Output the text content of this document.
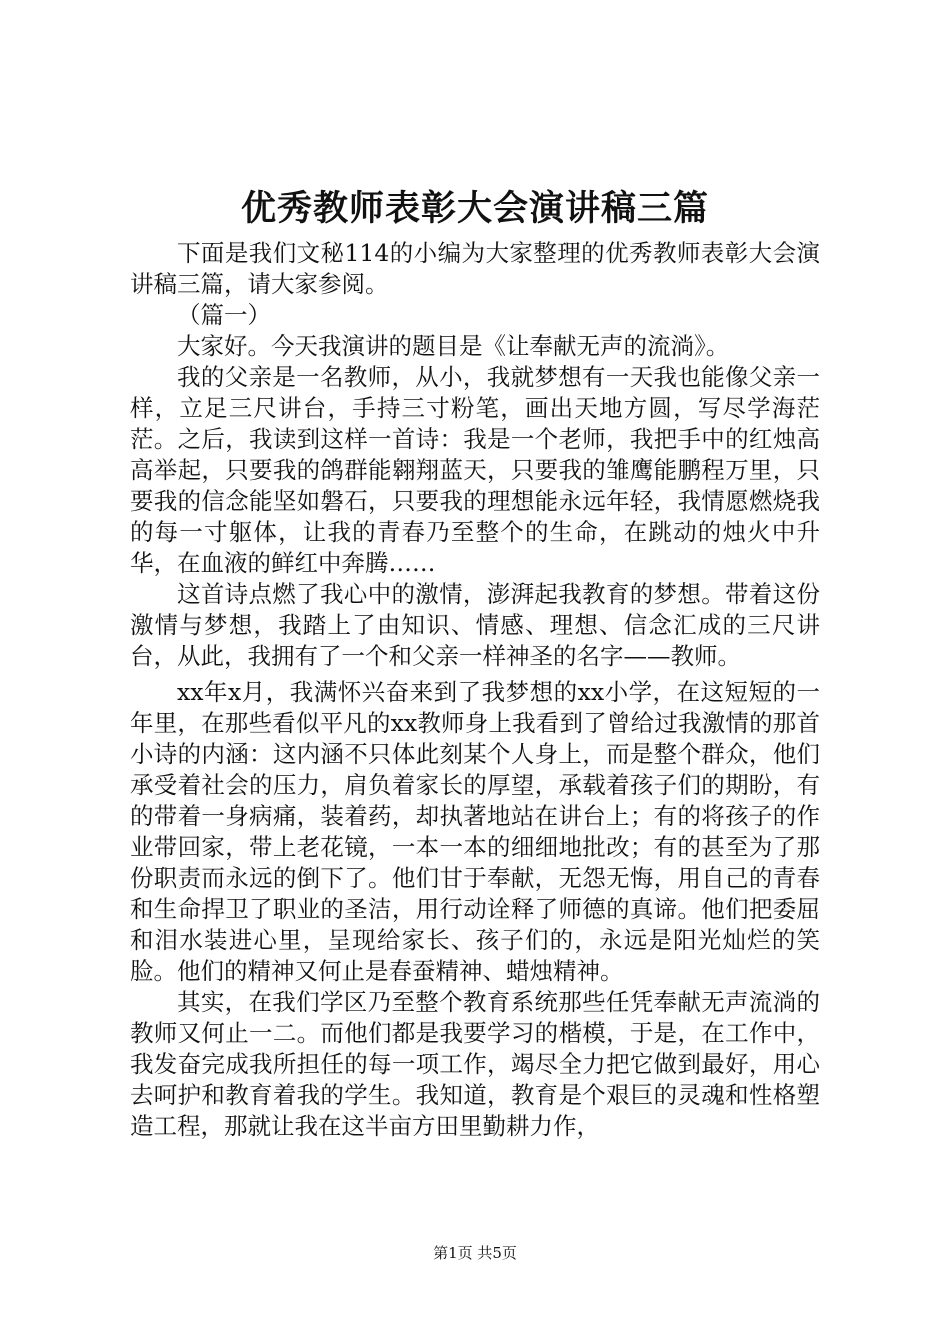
优秀教师表彰大会演讲稿三篇

下面是我们文秘114的小编为大家整理的优秀教师表彰大会演讲稿三篇，请大家参阅。

（篇一）

大家好。今天我演讲的题目是《让奉献无声的流淌》。

我的父亲是一名教师，从小，我就梦想有一天我也能像父亲一样，立足三尺讲台，手持三寸粉笔，画出天地方圆，写尽学海茫茫。之后，我读到这样一首诗：我是一个老师，我把手中的红烛高高举起，只要我的鸽群能翱翔蓝天，只要我的雏鹰能鹏程万里，只要我的信念能坚如磐石，只要我的理想能永远年轻，我情愿燃烧我的每一寸躯体，让我的青春乃至整个的生命，在跳动的烛火中升华，在血液的鲜红中奔腾……

这首诗点燃了我心中的激情，澎湃起我教育的梦想。带着这份激情与梦想，我踏上了由知识、情感、理想、信念汇成的三尺讲台，从此，我拥有了一个和父亲一样神圣的名字——教师。

xx年x月，我满怀兴奋来到了我梦想的xx小学，在这短短的一年里，在那些看似平凡的xx教师身上我看到了曾给过我激情的那首小诗的内涵：这内涵不只体此刻某个人身上，而是整个群众，他们承受着社会的压力，肩负着家长的厚望，承载着孩子们的期盼，有的带着一身病痛，装着药，却执著地站在讲台上；有的将孩子的作业带回家，带上老花镜，一本一本的细细地批改；有的甚至为了那份职责而永远的倒下了。他们甘于奉献，无怨无悔，用自己的青春和生命捍卫了职业的圣洁，用行动诠释了师德的真谛。他们把委屈和泪水装进心里，呈现给家长、孩子们的，永远是阳光灿烂的笑脸。他们的精神又何止是春蚕精神、蜡烛精神。

其实，在我们学区乃至整个教育系统那些任凭奉献无声流淌的教师又何止一二。而他们都是我要学习的楷模，于是，在工作中，我发奋完成我所担任的每一项工作，竭尽全力把它做到最好，用心去呵护和教育着我的学生。我知道，教育是个艰巨的灵魂和性格塑造工程，那就让我在这半亩方田里勤耕力作，

第1页 共5页
